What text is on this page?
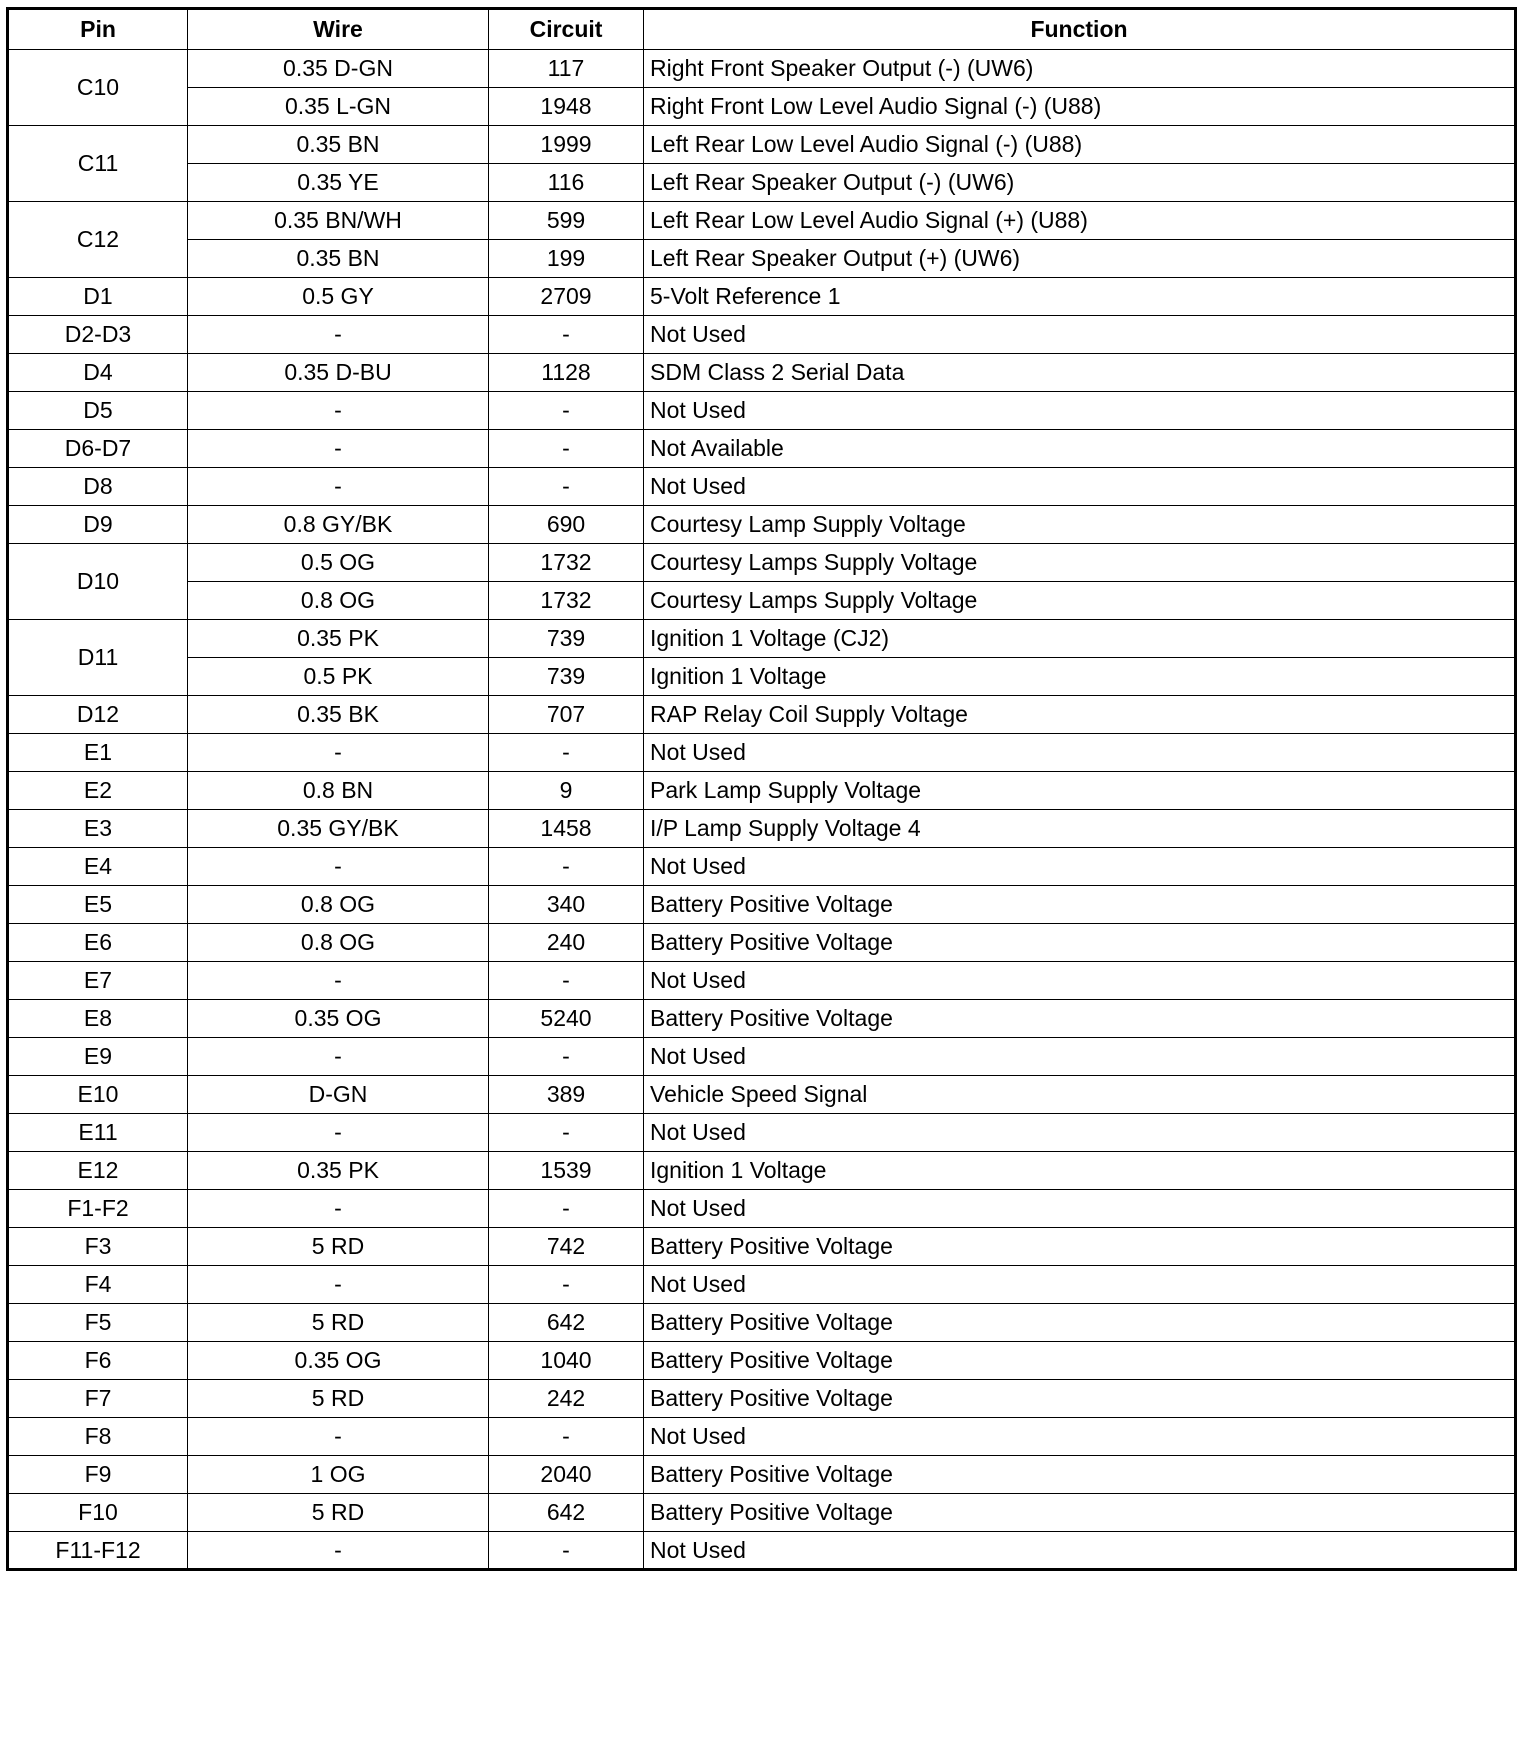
Pin	Wire	Circuit	Function
C10	0.35 D-GN	117	Right Front Speaker Output (-) (UW6)
	0.35 L-GN	1948	Right Front Low Level Audio Signal (-) (U88)
C11	0.35 BN	1999	Left Rear Low Level Audio Signal (-) (U88)
	0.35 YE	116	Left Rear Speaker Output (-) (UW6)
C12	0.35 BN/WH	599	Left Rear Low Level Audio Signal (+) (U88)
	0.35 BN	199	Left Rear Speaker Output (+) (UW6)
D1	0.5 GY	2709	5-Volt Reference 1
D2-D3	-	-	Not Used
D4	0.35 D-BU	1128	SDM Class 2 Serial Data
D5	-	-	Not Used
D6-D7	-	-	Not Available
D8	-	-	Not Used
D9	0.8 GY/BK	690	Courtesy Lamp Supply Voltage
D10	0.5 OG	1732	Courtesy Lamps Supply Voltage
	0.8 OG	1732	Courtesy Lamps Supply Voltage
D11	0.35 PK	739	Ignition 1 Voltage (CJ2)
	0.5 PK	739	Ignition 1 Voltage
D12	0.35 BK	707	RAP Relay Coil Supply Voltage
E1	-	-	Not Used
E2	0.8 BN	9	Park Lamp Supply Voltage
E3	0.35 GY/BK	1458	I/P Lamp Supply Voltage 4
E4	-	-	Not Used
E5	0.8 OG	340	Battery Positive Voltage
E6	0.8 OG	240	Battery Positive Voltage
E7	-	-	Not Used
E8	0.35 OG	5240	Battery Positive Voltage
E9	-	-	Not Used
E10	D-GN	389	Vehicle Speed Signal
E11	-	-	Not Used
E12	0.35 PK	1539	Ignition 1 Voltage
F1-F2	-	-	Not Used
F3	5 RD	742	Battery Positive Voltage
F4	-	-	Not Used
F5	5 RD	642	Battery Positive Voltage
F6	0.35 OG	1040	Battery Positive Voltage
F7	5 RD	242	Battery Positive Voltage
F8	-	-	Not Used
F9	1 OG	2040	Battery Positive Voltage
F10	5 RD	642	Battery Positive Voltage
F11-F12	-	-	Not Used
